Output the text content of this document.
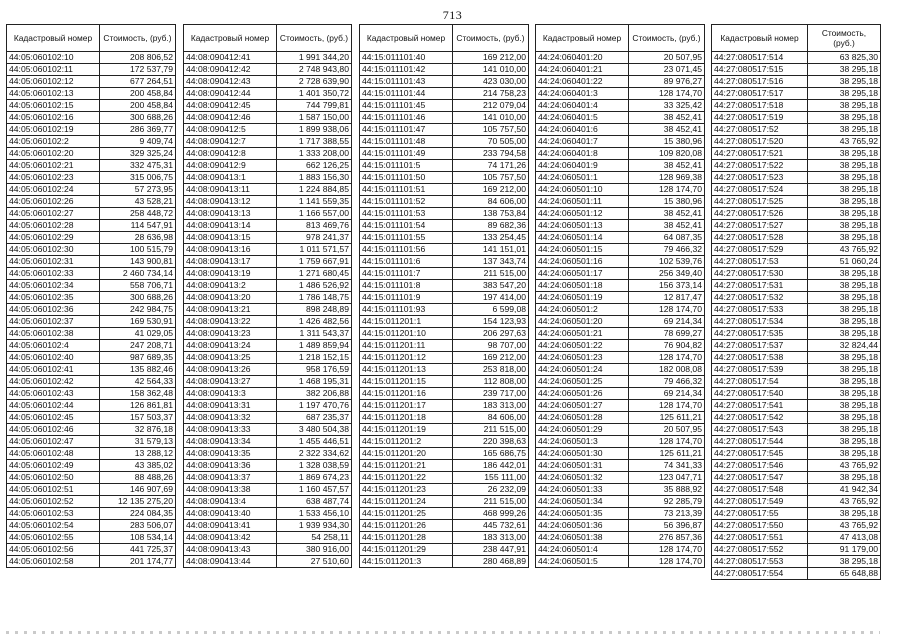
713
Кадастровый номер	Стоимость, (руб.)
44:05:060102:10	208 806,52
44:05:060102:11	172 537,79
44:05:060102:12	677 264,51
44:05:060102:13	200 458,84
44:05:060102:15	200 458,84
44:05:060102:16	300 688,26
44:05:060102:19	286 369,77
44:05:060102:2	9 409,74
44:05:060102:20	329 325,24
44:05:060102:21	332 475,31
44:05:060102:23	315 006,75
44:05:060102:24	57 273,95
44:05:060102:26	43 528,21
44:05:060102:27	258 448,72
44:05:060102:28	114 547,91
44:05:060102:29	28 636,98
44:05:060102:30	100 515,79
44:05:060102:31	143 900,81
44:05:060102:33	2 460 734,14
44:05:060102:34	558 706,71
44:05:060102:35	300 688,26
44:05:060102:36	242 984,75
44:05:060102:37	169 530,91
44:05:060102:38	41 029,05
44:05:060102:4	247 208,71
44:05:060102:40	987 689,35
44:05:060102:41	135 882,46
44:05:060102:42	42 564,33
44:05:060102:43	158 362,48
44:05:060102:44	126 861,81
44:05:060102:45	157 503,37
44:05:060102:46	32 876,18
44:05:060102:47	31 579,13
44:05:060102:48	13 288,12
44:05:060102:49	43 385,02
44:05:060102:50	88 488,26
44:05:060102:51	146 907,69
44:05:060102:52	12 135 275,20
44:05:060102:53	224 084,35
44:05:060102:54	283 506,07
44:05:060102:55	108 534,14
44:05:060102:56	441 725,37
44:05:060102:58	201 174,77
Кадастровый номер	Стоимость, (руб.)
44:08:090412:41	1 991 344,20
44:08:090412:42	2 748 943,80
44:08:090412:43	2 728 639,90
44:08:090412:44	1 401 350,72
44:08:090412:45	744 799,81
44:08:090412:46	1 587 150,00
44:08:090412:5	1 899 938,06
44:08:090412:7	1 717 388,55
44:08:090412:8	1 333 208,00
44:08:090412:9	662 126,25
44:08:090413:1	1 883 156,30
44:08:090413:11	1 224 884,85
44:08:090413:12	1 141 559,35
44:08:090413:13	1 166 557,00
44:08:090413:14	813 469,76
44:08:090413:15	978 241,37
44:08:090413:16	1 011 571,57
44:08:090413:17	1 759 667,91
44:08:090413:19	1 271 680,45
44:08:090413:2	1 486 526,92
44:08:090413:20	1 786 148,75
44:08:090413:21	898 248,89
44:08:090413:22	1 426 482,56
44:08:090413:23	1 311 543,37
44:08:090413:24	1 489 859,94
44:08:090413:25	1 218 152,15
44:08:090413:26	958 176,59
44:08:090413:27	1 468 195,31
44:08:090413:3	382 206,88
44:08:090413:31	1 197 470,76
44:08:090413:32	687 235,37
44:08:090413:33	3 480 504,38
44:08:090413:34	1 455 446,51
44:08:090413:35	2 322 334,62
44:08:090413:36	1 328 038,59
44:08:090413:37	1 869 674,23
44:08:090413:38	1 160 457,57
44:08:090413:4	638 487,74
44:08:090413:40	1 533 456,10
44:08:090413:41	1 939 934,30
44:08:090413:42	54 258,11
44:08:090413:43	380 916,00
44:08:090413:44	27 510,60
Кадастровый номер	Стоимость, (руб.)
44:15:011101:40	169 212,00
44:15:011101:42	141 010,00
44:15:011101:43	423 030,00
44:15:011101:44	214 758,23
44:15:011101:45	212 079,04
44:15:011101:46	141 010,00
44:15:011101:47	105 757,50
44:15:011101:48	70 505,00
44:15:011101:49	233 794,58
44:15:011101:5	74 171,26
44:15:011101:50	105 757,50
44:15:011101:51	169 212,00
44:15:011101:52	84 606,00
44:15:011101:53	138 753,84
44:15:011101:54	89 682,36
44:15:011101:55	133 254,45
44:15:011101:56	141 151,01
44:15:011101:6	137 343,74
44:15:011101:7	211 515,00
44:15:011101:8	383 547,20
44:15:011101:9	197 414,00
44:15:011101:93	6 599,08
44:15:011201:1	154 123,93
44:15:011201:10	206 297,63
44:15:011201:11	98 707,00
44:15:011201:12	169 212,00
44:15:011201:13	253 818,00
44:15:011201:15	112 808,00
44:15:011201:16	239 717,00
44:15:011201:17	183 313,00
44:15:011201:18	84 606,00
44:15:011201:19	211 515,00
44:15:011201:2	220 398,63
44:15:011201:20	165 686,75
44:15:011201:21	186 442,01
44:15:011201:22	155 111,00
44:15:011201:23	26 232,09
44:15:011201:24	211 515,00
44:15:011201:25	468 999,26
44:15:011201:26	445 732,61
44:15:011201:28	183 313,00
44:15:011201:29	238 447,91
44:15:011201:3	280 468,89
Кадастровый номер	Стоимость, (руб.)
44:24:060401:20	20 507,95
44:24:060401:21	23 071,45
44:24:060401:22	89 976,27
44:24:060401:3	128 174,70
44:24:060401:4	33 325,42
44:24:060401:5	38 452,41
44:24:060401:6	38 452,41
44:24:060401:7	15 380,96
44:24:060401:8	109 820,08
44:24:060401:9	38 452,41
44:24:060501:1	128 969,38
44:24:060501:10	128 174,70
44:24:060501:11	15 380,96
44:24:060501:12	38 452,41
44:24:060501:13	38 452,41
44:24:060501:14	64 087,35
44:24:060501:15	79 466,32
44:24:060501:16	102 539,76
44:24:060501:17	256 349,40
44:24:060501:18	156 373,14
44:24:060501:19	12 817,47
44:24:060501:2	128 174,70
44:24:060501:20	69 214,34
44:24:060501:21	78 699,27
44:24:060501:22	76 904,82
44:24:060501:23	128 174,70
44:24:060501:24	182 008,08
44:24:060501:25	79 466,32
44:24:060501:26	69 214,34
44:24:060501:27	128 174,70
44:24:060501:28	125 611,21
44:24:060501:29	20 507,95
44:24:060501:3	128 174,70
44:24:060501:30	125 611,21
44:24:060501:31	74 341,33
44:24:060501:32	123 047,71
44:24:060501:33	35 888,92
44:24:060501:34	92 285,79
44:24:060501:35	73 213,39
44:24:060501:36	56 396,87
44:24:060501:38	276 857,36
44:24:060501:4	128 174,70
44:24:060501:5	128 174,70
Кадастровый номер	Стоимость, (руб.)
44:27:080517:514	63 825,30
44:27:080517:515	38 295,18
44:27:080517:516	38 295,18
44:27:080517:517	38 295,18
44:27:080517:518	38 295,18
44:27:080517:519	38 295,18
44:27:080517:52	38 295,18
44:27:080517:520	43 765,92
44:27:080517:521	38 295,18
44:27:080517:522	38 295,18
44:27:080517:523	38 295,18
44:27:080517:524	38 295,18
44:27:080517:525	38 295,18
44:27:080517:526	38 295,18
44:27:080517:527	38 295,18
44:27:080517:528	38 295,18
44:27:080517:529	43 765,92
44:27:080517:53	51 060,24
44:27:080517:530	38 295,18
44:27:080517:531	38 295,18
44:27:080517:532	38 295,18
44:27:080517:533	38 295,18
44:27:080517:534	38 295,18
44:27:080517:535	38 295,18
44:27:080517:537	32 824,44
44:27:080517:538	38 295,18
44:27:080517:539	38 295,18
44:27:080517:54	38 295,18
44:27:080517:540	38 295,18
44:27:080517:541	38 295,18
44:27:080517:542	38 295,18
44:27:080517:543	38 295,18
44:27:080517:544	38 295,18
44:27:080517:545	38 295,18
44:27:080517:546	43 765,92
44:27:080517:547	38 295,18
44:27:080517:548	41 942,34
44:27:080517:549	43 765,92
44:27:080517:55	38 295,18
44:27:080517:550	43 765,92
44:27:080517:551	47 413,08
44:27:080517:552	91 179,00
44:27:080517:553	38 295,18
44:27:080517:554	65 648,88
